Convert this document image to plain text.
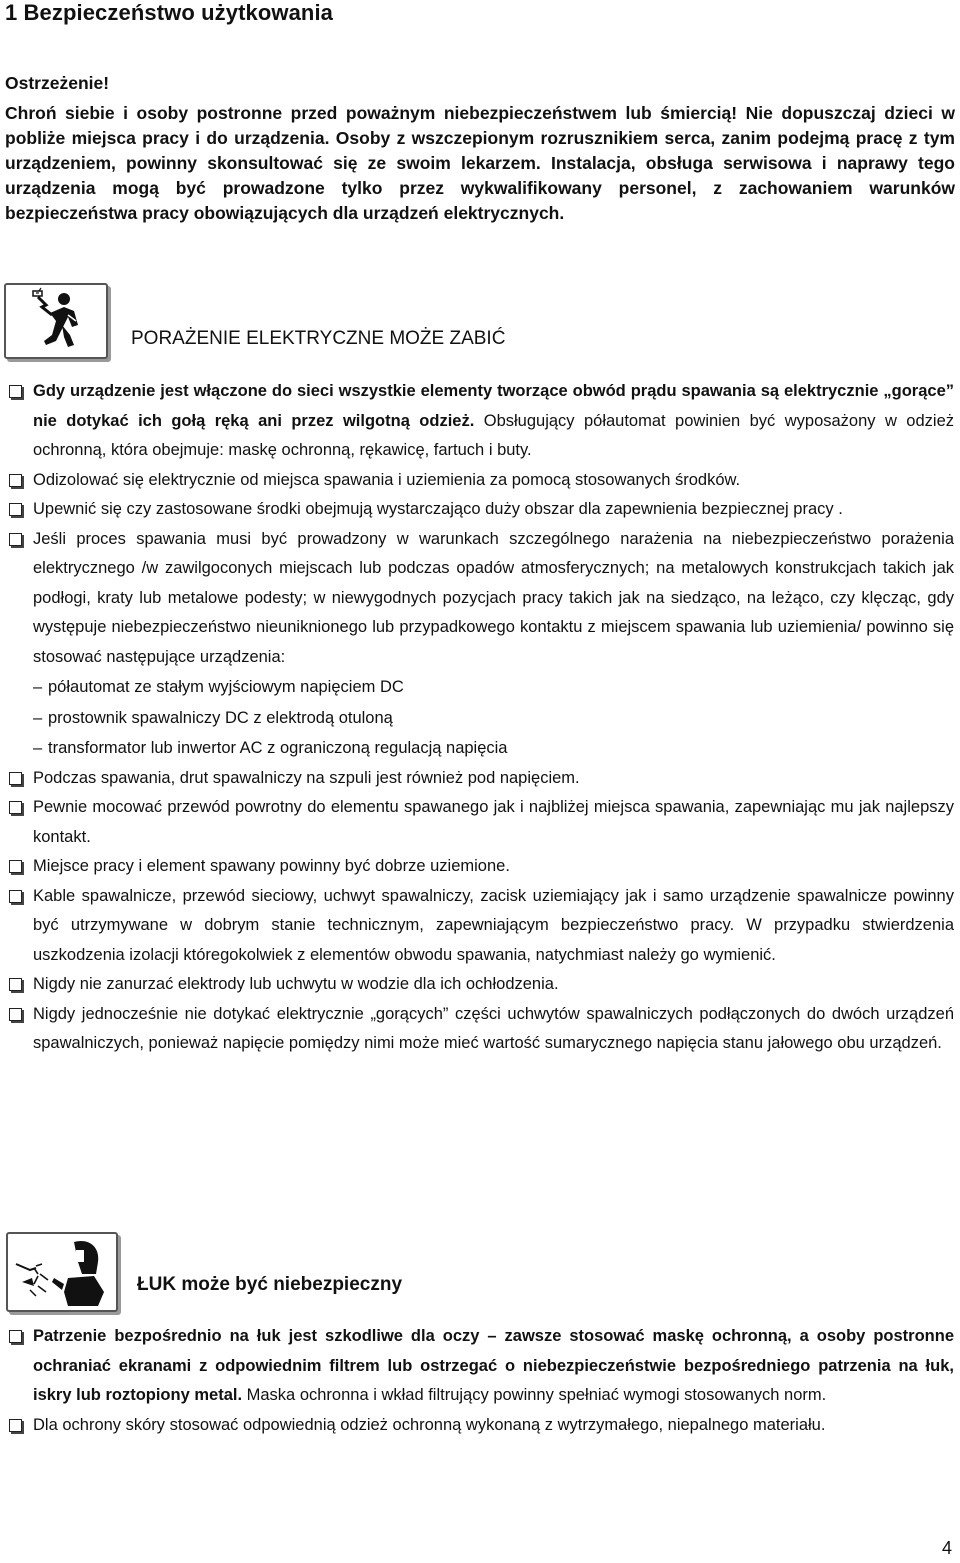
1 Bezpieczeństwo użytkowania
Ostrzeżenie!
Chroń siebie i osoby postronne przed poważnym niebezpieczeństwem lub śmiercią! Nie dopuszczaj dzieci w pobliże miejsca pracy i do urządzenia. Osoby z wszczepionym rozrusznikiem serca, zanim podejmą pracę z tym urządzeniem, powinny skonsultować się ze swoim lekarzem. Instalacja, obsługa serwisowa i naprawy tego urządzenia mogą być prowadzone tylko przez wykwalifikowany personel, z zachowaniem warunków bezpieczeństwa pracy obowiązujących dla urządzeń elektrycznych.
PORAŻENIE ELEKTRYCZNE MOŻE ZABIĆ
Gdy urządzenie jest włączone do sieci wszystkie elementy tworzące obwód prądu spawania są elektrycznie „gorące” nie dotykać ich gołą ręką ani przez wilgotną odzież. Obsługujący półautomat powinien być wyposażony w odzież ochronną, która obejmuje: maskę ochronną, rękawicę, fartuch i buty.
Odizolować się elektrycznie od miejsca spawania i uziemienia za pomocą stosowanych środków.
Upewnić się czy zastosowane środki obejmują wystarczająco duży obszar dla zapewnienia bezpiecznej pracy .
Jeśli proces spawania musi być prowadzony w warunkach szczególnego narażenia na niebezpieczeństwo porażenia elektrycznego /w zawilgoconych miejscach lub podczas opadów atmosferycznych; na metalowych konstrukcjach takich jak podłogi, kraty lub metalowe podesty; w niewygodnych pozycjach pracy takich jak na siedząco, na leżąco, czy klęcząc, gdy występuje niebezpieczeństwo nieuniknionego lub przypadkowego kontaktu z miejscem spawania lub uziemienia/ powinno się stosować następujące urządzenia:
– półautomat ze stałym wyjściowym napięciem DC
– prostownik spawalniczy DC z elektrodą otuloną
– transformator lub inwertor AC z ograniczoną regulacją napięcia
Podczas spawania, drut spawalniczy na szpuli jest również pod napięciem.
Pewnie mocować przewód powrotny do elementu spawanego jak i najbliżej miejsca spawania, zapewniając mu jak najlepszy kontakt.
Miejsce pracy i element spawany powinny być dobrze uziemione.
Kable spawalnicze, przewód sieciowy, uchwyt spawalniczy, zacisk uziemiający jak i samo urządzenie spawalnicze powinny być utrzymywane w dobrym stanie technicznym, zapewniającym bezpieczeństwo pracy. W przypadku stwierdzenia uszkodzenia izolacji któregokolwiek z elementów obwodu spawania, natychmiast należy go wymienić.
Nigdy nie zanurzać elektrody lub uchwytu w wodzie dla ich ochłodzenia.
Nigdy jednocześnie nie dotykać elektrycznie „gorących” części uchwytów spawalniczych podłączonych do dwóch urządzeń spawalniczych, ponieważ napięcie pomiędzy nimi może mieć wartość sumarycznego napięcia stanu jałowego obu urządzeń.
ŁUK może być niebezpieczny
Patrzenie bezpośrednio na łuk jest szkodliwe dla oczy – zawsze stosować maskę ochronną, a osoby postronne ochraniać ekranami z odpowiednim filtrem lub ostrzegać o niebezpieczeństwie bezpośredniego patrzenia na łuk, iskry lub roztopiony metal. Maska ochronna i wkład filtrujący powinny spełniać wymogi stosowanych norm.
Dla ochrony skóry stosować odpowiednią odzież ochronną wykonaną z wytrzymałego, niepalnego materiału.
4
